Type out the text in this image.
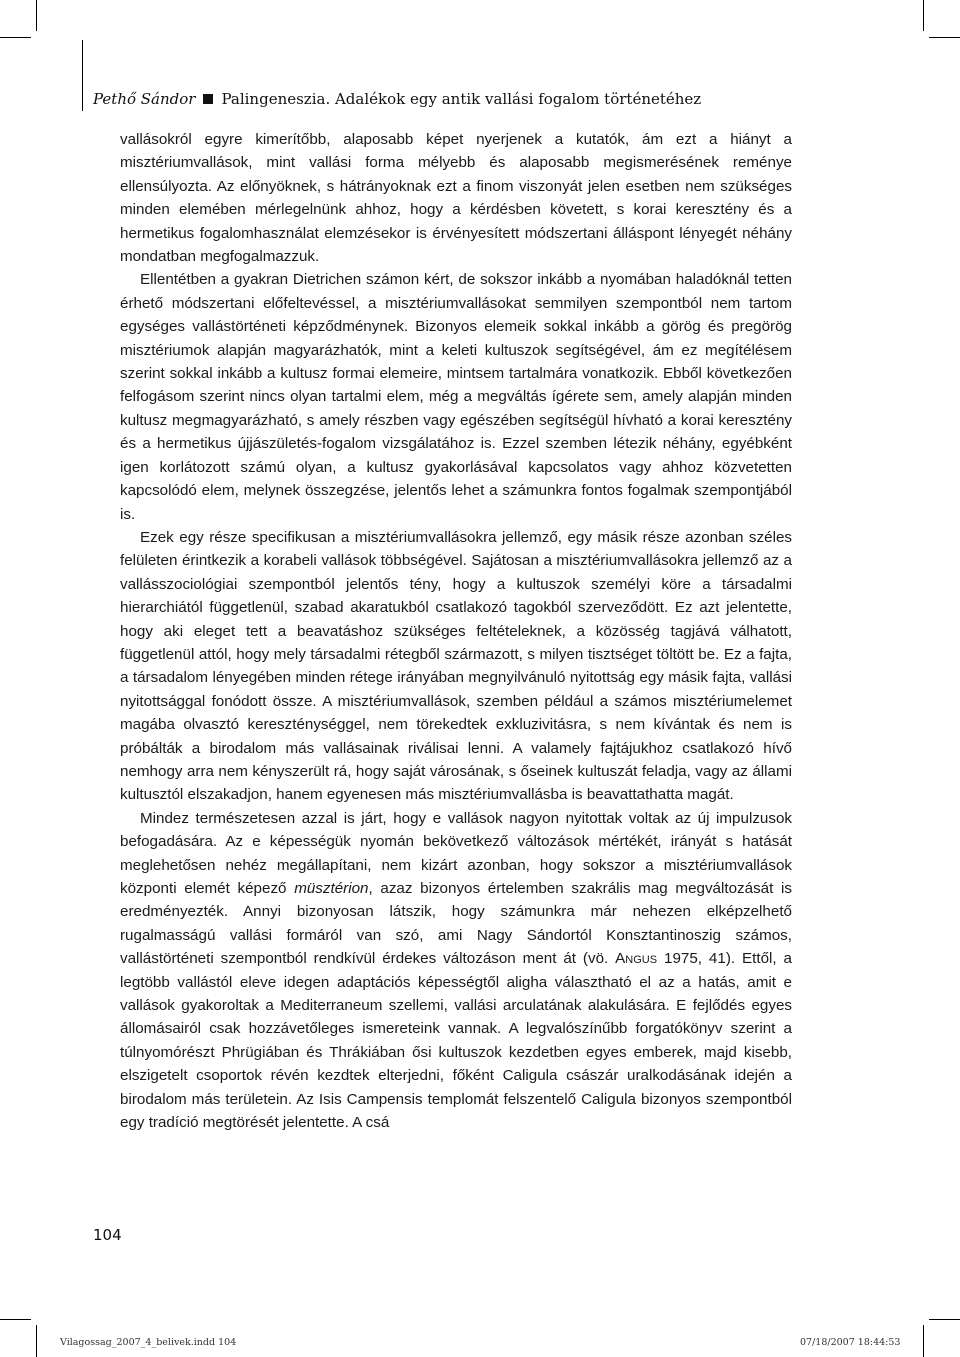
Pethő Sándor Palingeneszia. Adalékok egy antik vallási fogalom történetéhez

vallásokról egyre kimerítőbb, alaposabb képet nyerjenek a kutatók, ám ezt a hiányt a misztériumvallások, mint vallási forma mélyebb és alaposabb megismerésének reménye ellensúlyozta. Az előnyöknek, s hátrányoknak ezt a finom viszonyát jelen esetben nem szükséges minden elemében mérlegelnünk ahhoz, hogy a kérdésben követett, s korai keresztény és a hermetikus fogalomhasználat elemzésekor is érvényesített módszertani álláspont lényegét néhány mondatban megfogalmazzuk.

Ellentétben a gyakran Dietrichen számon kért, de sokszor inkább a nyomában haladóknál tetten érhető módszertani előfeltevéssel, a misztériumvallásokat semmilyen szempontból nem tartom egységes vallástörténeti képződménynek. Bizonyos elemeik sokkal inkább a görög és pregörög misztériumok alapján magyarázhatók, mint a keleti kultuszok segítségével, ám ez megítélésem szerint sokkal inkább a kultusz formai elemeire, mintsem tartalmára vonatkozik. Ebből következően felfogásom szerint nincs olyan tartalmi elem, még a megváltás ígérete sem, amely alapján minden kultusz megmagyarázható, s amely részben vagy egészében segítségül hívható a korai keresztény és a hermetikus újjászületés-fogalom vizsgálatához is. Ezzel szemben létezik néhány, egyébként igen korlátozott számú olyan, a kultusz gyakorlásával kapcsolatos vagy ahhoz közvetetten kapcsolódó elem, melynek összegzése, jelentős lehet a számunkra fontos fogalmak szempontjából is.

Ezek egy része specifikusan a misztériumvallásokra jellemző, egy másik része azonban széles felületen érintkezik a korabeli vallások többségével. Sajátosan a misztériumvallásokra jellemző az a vallásszociológiai szempontból jelentős tény, hogy a kultuszok személyi köre a társadalmi hierarchiától függetlenül, szabad akaratukból csatlakozó tagokból szerveződött. Ez azt jelentette, hogy aki eleget tett a beavatáshoz szükséges feltételeknek, a közösség tagjává válhatott, függetlenül attól, hogy mely társadalmi rétegből származott, s milyen tisztséget töltött be. Ez a fajta, a társadalom lényegében minden rétege irányában megnyilvánuló nyitottság egy másik fajta, vallási nyitottsággal fonódott össze. A misztériumvallások, szemben például a számos misztériumelemet magába olvasztó kereszténységgel, nem törekedtek exkluzivitásra, s nem kívántak és nem is próbálták a birodalom más vallásainak riválisai lenni. A valamely fajtájukhoz csatlakozó hívő nemhogy arra nem kényszerült rá, hogy saját városának, s őseinek kultuszát feladja, vagy az állami kultusztól elszakadjon, hanem egyenesen más misztériumvallásba is beavattathatta magát.

Mindez természetesen azzal is járt, hogy e vallások nagyon nyitottak voltak az új impulzusok befogadására. Az e képességük nyomán bekövetkező változások mértékét, irányát s hatását meglehetősen nehéz megállapítani, nem kizárt azonban, hogy sokszor a misztériumvallások központi elemét képező müsztérion, azaz bizonyos értelemben szakrális mag megváltozását is eredményezték. Annyi bizonyosan látszik, hogy számunkra már nehezen elképzelhető rugalmasságú vallási formáról van szó, ami Nagy Sándortól Konsztantinoszig számos, vallástörténeti szempontból rendkívül érdekes változáson ment át (vö. Angus 1975, 41). Ettől, a legtöbb vallástól eleve idegen adaptációs képességtől aligha választható el az a hatás, amit e vallások gyakoroltak a Mediterraneum szellemi, vallási arculatának alakulására. E fejlődés egyes állomásairól csak hozzávetőleges ismereteink vannak. A legvalószínűbb forgatókönyv szerint a túlnyomórészt Phrügiában és Thrákiában ősi kultuszok kezdetben egyes emberek, majd kisebb, elszigetelt csoportok révén kezdtek elterjedni, főként Caligula császár uralkodásának idején a birodalom más területein. Az Isis Campensis templomát felszentelő Caligula bizonyos szempontból egy tradíció megtörését jelentette. A csá

104
Vilagossag_2007_4_belivek.indd 104	07/18/2007 18:44:53
